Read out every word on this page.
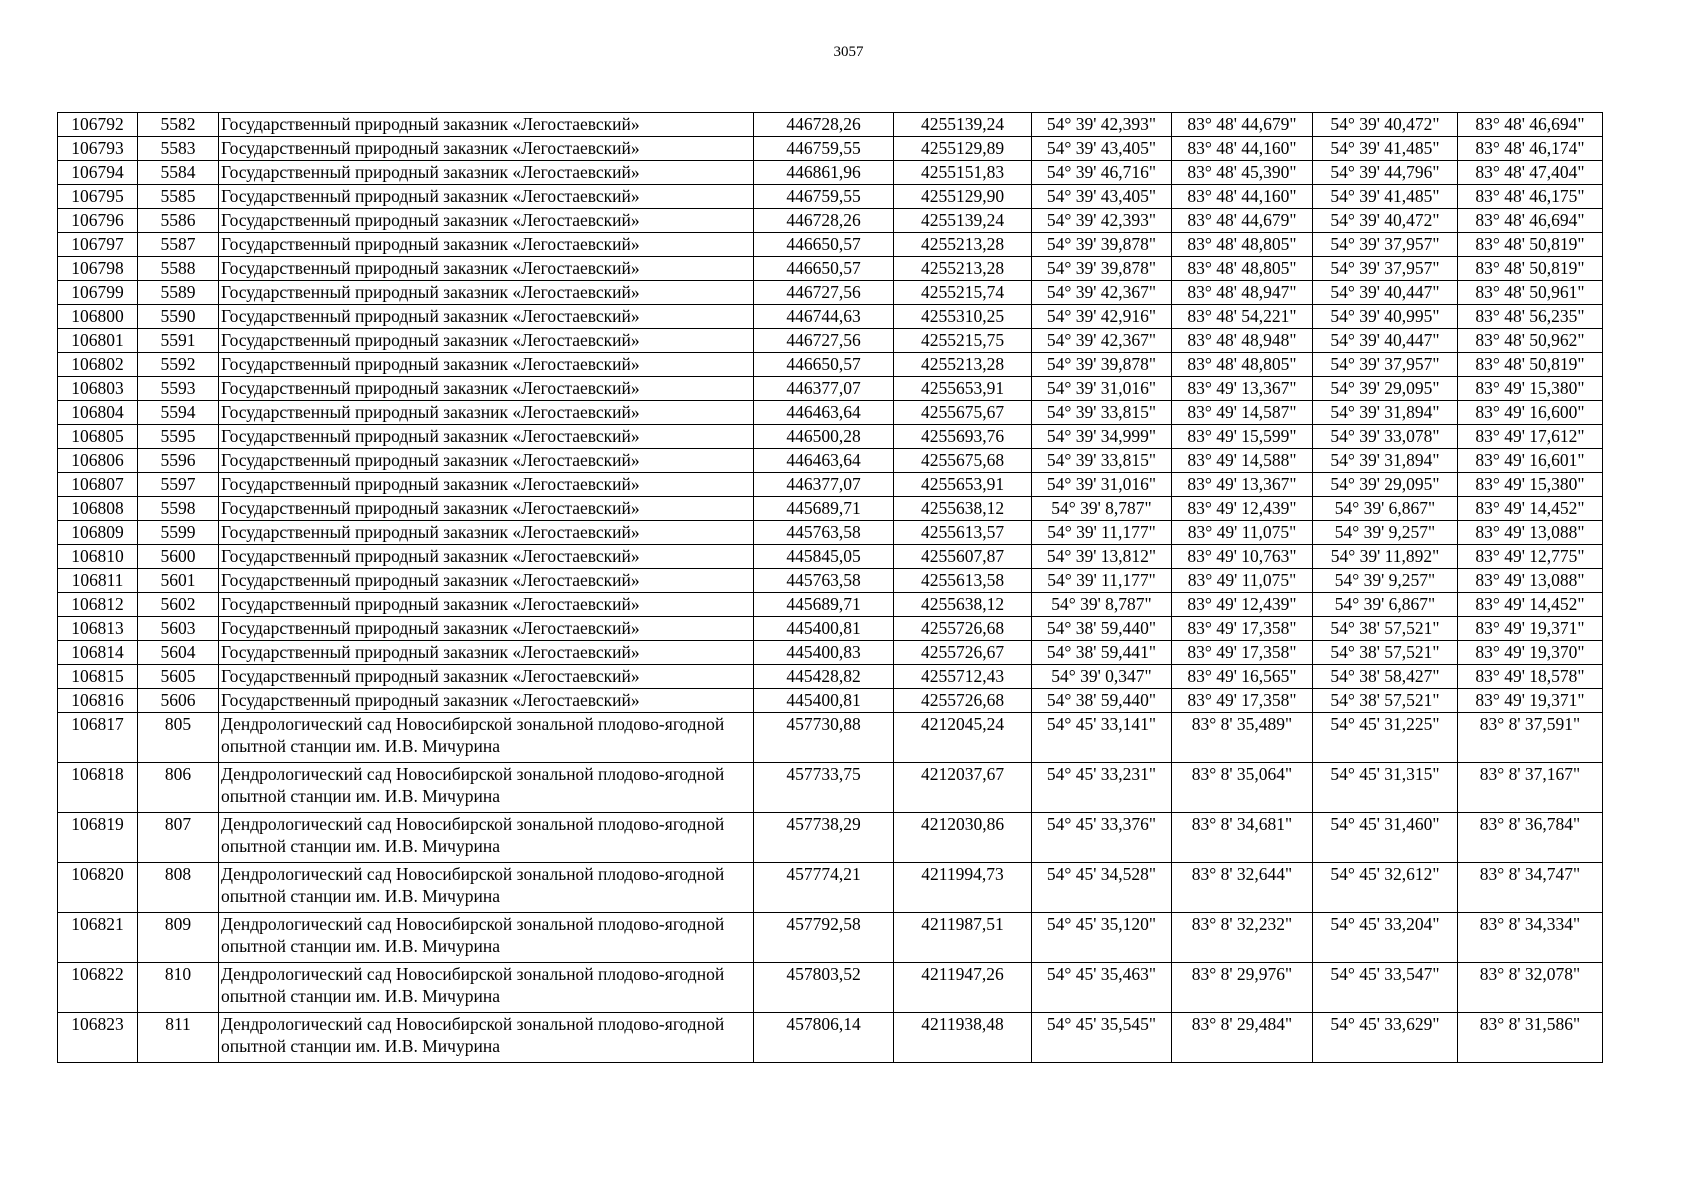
3057
106792	5582	Государственный природный заказник «Легостаевский»	446728,26	4255139,24	54° 39' 42,393"	83° 48' 44,679"	54° 39' 40,472"	83° 48' 46,694"
106793	5583	Государственный природный заказник «Легостаевский»	446759,55	4255129,89	54° 39' 43,405"	83° 48' 44,160"	54° 39' 41,485"	83° 48' 46,174"
106794	5584	Государственный природный заказник «Легостаевский»	446861,96	4255151,83	54° 39' 46,716"	83° 48' 45,390"	54° 39' 44,796"	83° 48' 47,404"
106795	5585	Государственный природный заказник «Легостаевский»	446759,55	4255129,90	54° 39' 43,405"	83° 48' 44,160"	54° 39' 41,485"	83° 48' 46,175"
106796	5586	Государственный природный заказник «Легостаевский»	446728,26	4255139,24	54° 39' 42,393"	83° 48' 44,679"	54° 39' 40,472"	83° 48' 46,694"
106797	5587	Государственный природный заказник «Легостаевский»	446650,57	4255213,28	54° 39' 39,878"	83° 48' 48,805"	54° 39' 37,957"	83° 48' 50,819"
106798	5588	Государственный природный заказник «Легостаевский»	446650,57	4255213,28	54° 39' 39,878"	83° 48' 48,805"	54° 39' 37,957"	83° 48' 50,819"
106799	5589	Государственный природный заказник «Легостаевский»	446727,56	4255215,74	54° 39' 42,367"	83° 48' 48,947"	54° 39' 40,447"	83° 48' 50,961"
106800	5590	Государственный природный заказник «Легостаевский»	446744,63	4255310,25	54° 39' 42,916"	83° 48' 54,221"	54° 39' 40,995"	83° 48' 56,235"
106801	5591	Государственный природный заказник «Легостаевский»	446727,56	4255215,75	54° 39' 42,367"	83° 48' 48,948"	54° 39' 40,447"	83° 48' 50,962"
106802	5592	Государственный природный заказник «Легостаевский»	446650,57	4255213,28	54° 39' 39,878"	83° 48' 48,805"	54° 39' 37,957"	83° 48' 50,819"
106803	5593	Государственный природный заказник «Легостаевский»	446377,07	4255653,91	54° 39' 31,016"	83° 49' 13,367"	54° 39' 29,095"	83° 49' 15,380"
106804	5594	Государственный природный заказник «Легостаевский»	446463,64	4255675,67	54° 39' 33,815"	83° 49' 14,587"	54° 39' 31,894"	83° 49' 16,600"
106805	5595	Государственный природный заказник «Легостаевский»	446500,28	4255693,76	54° 39' 34,999"	83° 49' 15,599"	54° 39' 33,078"	83° 49' 17,612"
106806	5596	Государственный природный заказник «Легостаевский»	446463,64	4255675,68	54° 39' 33,815"	83° 49' 14,588"	54° 39' 31,894"	83° 49' 16,601"
106807	5597	Государственный природный заказник «Легостаевский»	446377,07	4255653,91	54° 39' 31,016"	83° 49' 13,367"	54° 39' 29,095"	83° 49' 15,380"
106808	5598	Государственный природный заказник «Легостаевский»	445689,71	4255638,12	54° 39' 8,787"	83° 49' 12,439"	54° 39' 6,867"	83° 49' 14,452"
106809	5599	Государственный природный заказник «Легостаевский»	445763,58	4255613,57	54° 39' 11,177"	83° 49' 11,075"	54° 39' 9,257"	83° 49' 13,088"
106810	5600	Государственный природный заказник «Легостаевский»	445845,05	4255607,87	54° 39' 13,812"	83° 49' 10,763"	54° 39' 11,892"	83° 49' 12,775"
106811	5601	Государственный природный заказник «Легостаевский»	445763,58	4255613,58	54° 39' 11,177"	83° 49' 11,075"	54° 39' 9,257"	83° 49' 13,088"
106812	5602	Государственный природный заказник «Легостаевский»	445689,71	4255638,12	54° 39' 8,787"	83° 49' 12,439"	54° 39' 6,867"	83° 49' 14,452"
106813	5603	Государственный природный заказник «Легостаевский»	445400,81	4255726,68	54° 38' 59,440"	83° 49' 17,358"	54° 38' 57,521"	83° 49' 19,371"
106814	5604	Государственный природный заказник «Легостаевский»	445400,83	4255726,67	54° 38' 59,441"	83° 49' 17,358"	54° 38' 57,521"	83° 49' 19,370"
106815	5605	Государственный природный заказник «Легостаевский»	445428,82	4255712,43	54° 39' 0,347"	83° 49' 16,565"	54° 38' 58,427"	83° 49' 18,578"
106816	5606	Государственный природный заказник «Легостаевский»	445400,81	4255726,68	54° 38' 59,440"	83° 49' 17,358"	54° 38' 57,521"	83° 49' 19,371"
106817	805	Дендрологический сад Новосибирской зональной плодово-ягодной опытной станции им. И.В. Мичурина	457730,88	4212045,24	54° 45' 33,141"	83° 8' 35,489"	54° 45' 31,225"	83° 8' 37,591"
106818	806	Дендрологический сад Новосибирской зональной плодово-ягодной опытной станции им. И.В. Мичурина	457733,75	4212037,67	54° 45' 33,231"	83° 8' 35,064"	54° 45' 31,315"	83° 8' 37,167"
106819	807	Дендрологический сад Новосибирской зональной плодово-ягодной опытной станции им. И.В. Мичурина	457738,29	4212030,86	54° 45' 33,376"	83° 8' 34,681"	54° 45' 31,460"	83° 8' 36,784"
106820	808	Дендрологический сад Новосибирской зональной плодово-ягодной опытной станции им. И.В. Мичурина	457774,21	4211994,73	54° 45' 34,528"	83° 8' 32,644"	54° 45' 32,612"	83° 8' 34,747"
106821	809	Дендрологический сад Новосибирской зональной плодово-ягодной опытной станции им. И.В. Мичурина	457792,58	4211987,51	54° 45' 35,120"	83° 8' 32,232"	54° 45' 33,204"	83° 8' 34,334"
106822	810	Дендрологический сад Новосибирской зональной плодово-ягодной опытной станции им. И.В. Мичурина	457803,52	4211947,26	54° 45' 35,463"	83° 8' 29,976"	54° 45' 33,547"	83° 8' 32,078"
106823	811	Дендрологический сад Новосибирской зональной плодово-ягодной опытной станции им. И.В. Мичурина	457806,14	4211938,48	54° 45' 35,545"	83° 8' 29,484"	54° 45' 33,629"	83° 8' 31,586"
